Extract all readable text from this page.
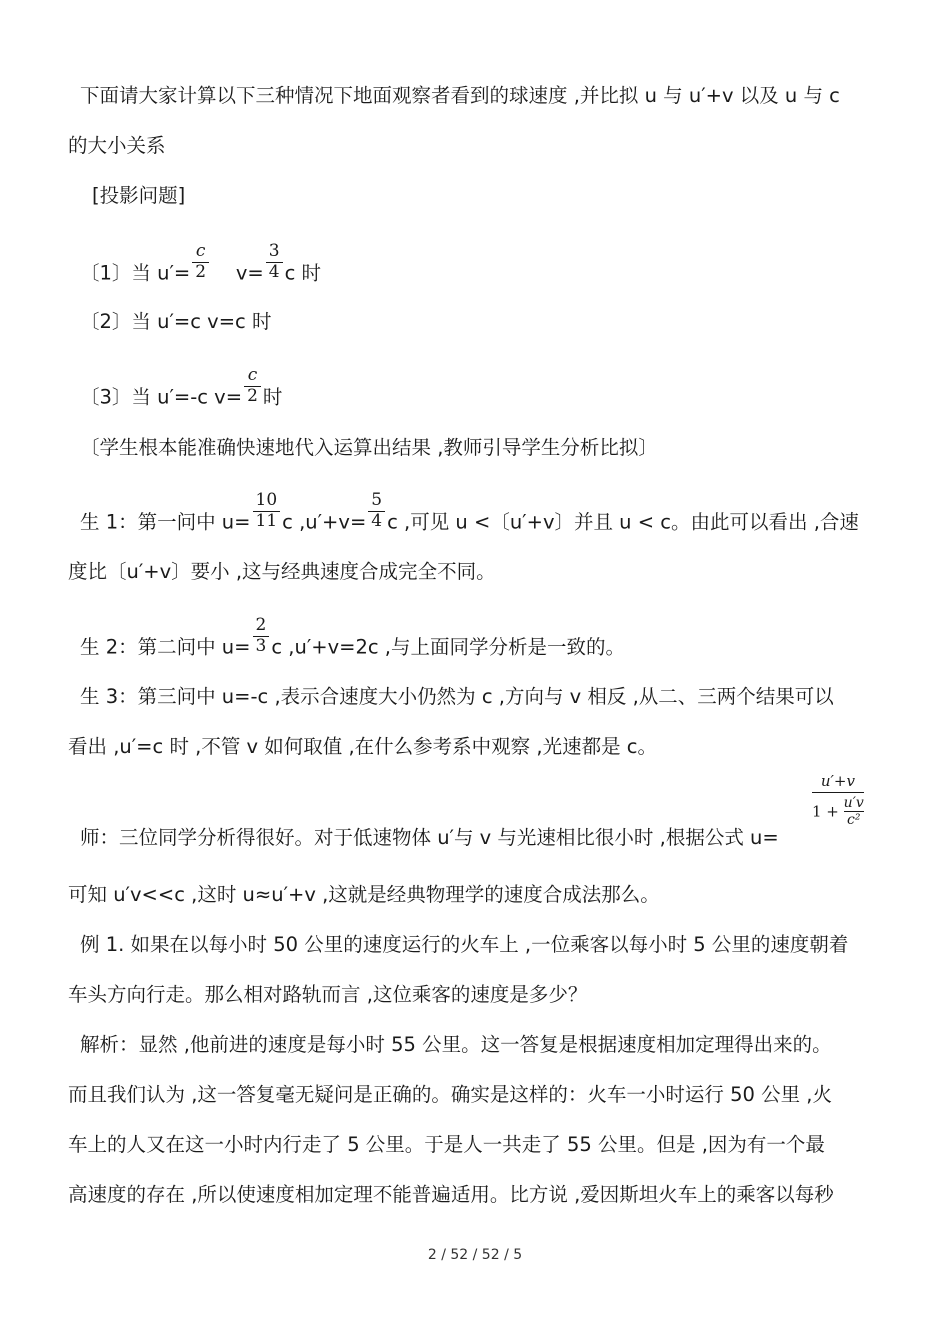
下面请大家计算以下三种情况下地面观察者看到的球速度 ,并比拟 u 与 u′+v 以及 u 与 c
的大小关系
[投影问题]
〔1〕当 $u'= \frac{c}{2} v= \frac{3}{4}$ c 时
〔2〕当 u′=c v=c 时
〔3〕当 u′=-c $v= \frac{c}{2}$ 时
〔学生根本能准确快速地代入运算出结果 ,教师引导学生分析比拟〕
生 1：第一问中 $u= \frac{10}{11}$ c $,u'+v= \frac{5}{4}$ c ,可见 u <〔u′+v〕并且 u < c。由此可以看出 ,合速
度比〔u′+v〕要小 ,这与经典速度合成完全不同。
生 2：第二问中 $u= \frac{2}{3}$ c ,u′+v=2c ,与上面同学分析是一致的。
生 3：第三问中 u=-c ,表示合速度大小仍然为 c ,方向与 v 相反 ,从二、三两个结果可以
看出 ,u′=c 时 ,不管 v 如何取值 ,在什么参考系中观察 ,光速都是 c。
师：三位同学分析得很好。对于低速物体 u′与 v 与光速相比很小时 ,根据公式 u=
u′+v
$1 + \frac{u'v}{\text{c²}}$
可知 u′v<<c ,这时 u≈u′+v ,这就是经典物理学的速度合成法那么。
例 1. 如果在以每小时 50 公里的速度运行的火车上 ,一位乘客以每小时 5 公里的速度朝着
车头方向行走。那么相对路轨而言 ,这位乘客的速度是多少？
解析：显然 ,他前进的速度是每小时 55 公里。这一答复是根据速度相加定理得出来的。
而且我们认为 ,这一答复毫无疑问是正确的。确实是这样的：火车一小时运行 50 公里 ,火
车上的人又在这一小时内行走了 5 公里。于是人一共走了 55 公里。但是 ,因为有一个最
高速度的存在 ,所以使速度相加定理不能普遍适用。比方说 ,爱因斯坦火车上的乘客以每秒
2 / 52 / 52 / 5
